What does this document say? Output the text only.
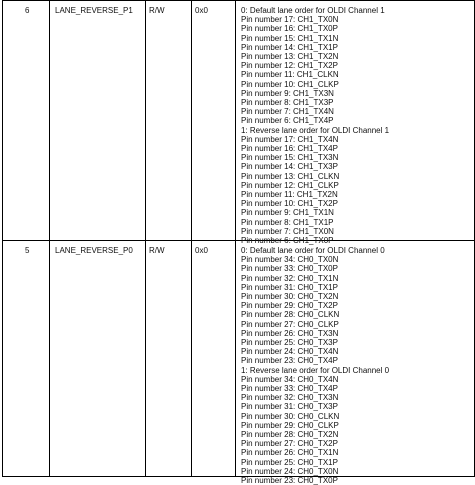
6	LANE_REVERSE_P1	R/W	0x0	0: Default lane order for OLDI Channel 1
Pin number 17: CH1_TX0N
Pin number 16: CH1_TX0P
Pin number 15: CH1_TX1N
Pin number 14: CH1_TX1P
Pin number 13: CH1_TX2N
Pin number 12: CH1_TX2P
Pin number 11: CH1_CLKN
Pin number 10: CH1_CLKP
Pin number 9: CH1_TX3N
Pin number 8: CH1_TX3P
Pin number 7: CH1_TX4N
Pin number 6: CH1_TX4P
1: Reverse lane order for OLDI Channel 1
Pin number 17: CH1_TX4N
Pin number 16: CH1_TX4P
Pin number 15: CH1_TX3N
Pin number 14: CH1_TX3P
Pin number 13: CH1_CLKN
Pin number 12: CH1_CLKP
Pin number 11: CH1_TX2N
Pin number 10: CH1_TX2P
Pin number 9: CH1_TX1N
Pin number 8: CH1_TX1P
Pin number 7: CH1_TX0N
Pin number 6: CH1_TX0P
5	LANE_REVERSE_P0	R/W	0x0	0: Default lane order for OLDI Channel 0
Pin number 34: CH0_TX0N
Pin number 33: CH0_TX0P
Pin number 32: CH0_TX1N
Pin number 31: CH0_TX1P
Pin number 30: CH0_TX2N
Pin number 29: CH0_TX2P
Pin number 28: CH0_CLKN
Pin number 27: CH0_CLKP
Pin number 26: CH0_TX3N
Pin number 25: CH0_TX3P
Pin number 24: CH0_TX4N
Pin number 23: CH0_TX4P
1: Reverse lane order for OLDI Channel 0
Pin number 34: CH0_TX4N
Pin number 33: CH0_TX4P
Pin number 32: CH0_TX3N
Pin number 31: CH0_TX3P
Pin number 30: CH0_CLKN
Pin number 29: CH0_CLKP
Pin number 28: CH0_TX2N
Pin number 27: CH0_TX2P
Pin number 26: CH0_TX1N
Pin number 25: CH0_TX1P
Pin number 24: CH0_TX0N
Pin number 23: CH0_TX0P
